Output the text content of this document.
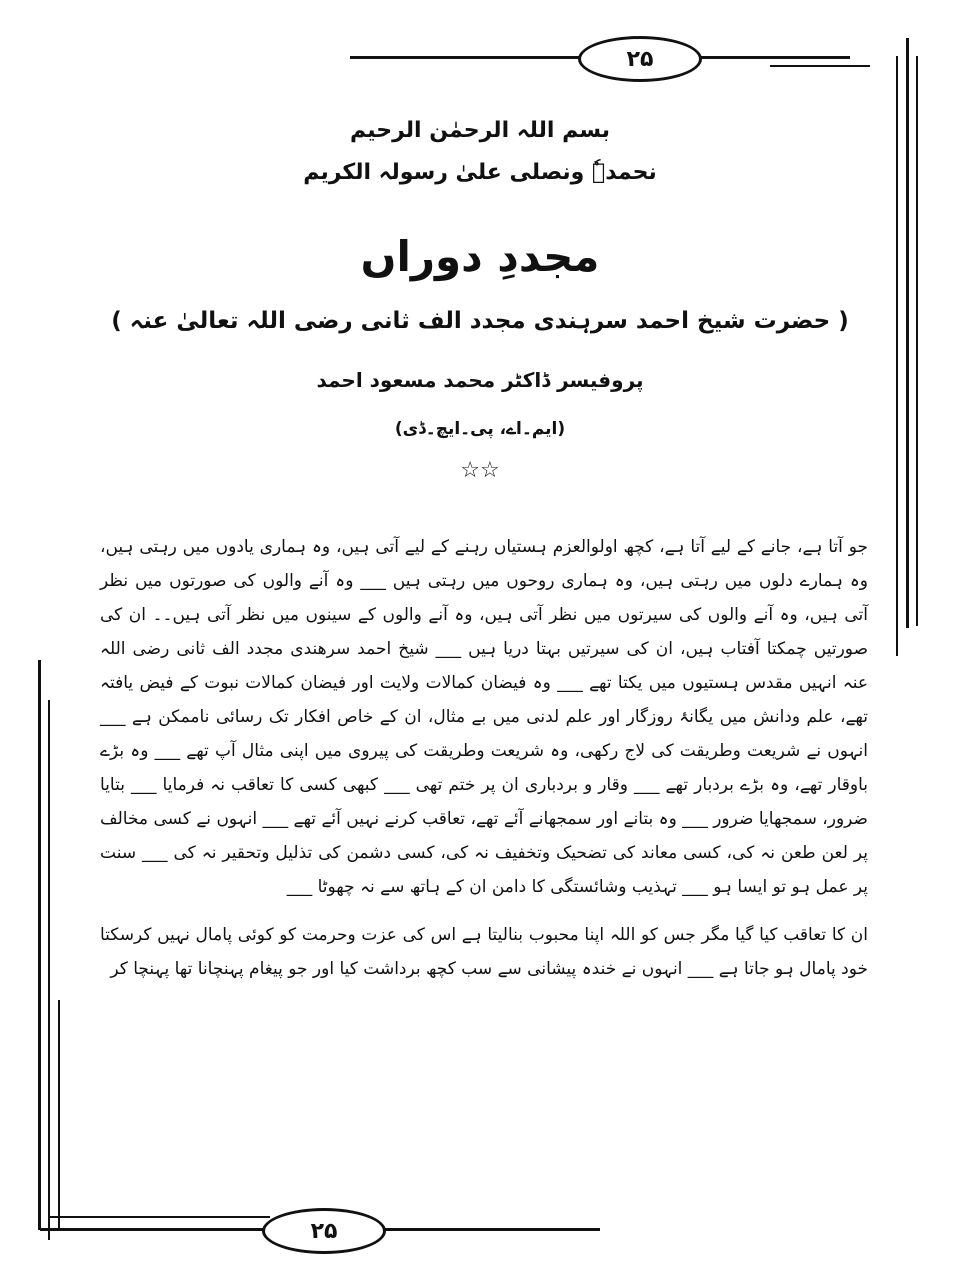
۲۵
بسم اللہ الرحمٰن الرحیم
نحمدہٗ ونصلی علیٰ رسولہ الکریم
مجددِ دوراں
( حضرت شیخ احمد سرہندی مجدد الف ثانی رضی اللہ تعالیٰ عنہ )
پروفیسر ڈاکٹر محمد مسعود احمد
(ایم۔اے، پی۔ایچ۔ڈی)
☆☆

جو آتا ہے، جانے کے لیے آتا ہے، کچھ اولوالعزم ہستیاں رہنے کے لیے آتی ہیں، وہ ہماری یادوں میں رہتی ہیں، وہ ہمارے دلوں میں رہتی ہیں، وہ ہماری روحوں میں رہتی ہیں ___ وہ آنے والوں کی صورتوں میں نظر آتی ہیں، وہ آنے والوں کی سیرتوں میں نظر آتی ہیں، وہ آنے والوں کے سینوں میں نظر آتی ہیں۔۔ ان کی صورتیں چمکتا آفتاب ہیں، ان کی سیرتیں بہتا دریا ہیں ___ شیخ احمد سرھندی مجدد الف ثانی رضی اللہ عنہ انہیں مقدس ہستیوں میں یکتا تھے ___ وہ فیضان کمالات ولایت اور فیضان کمالات نبوت کے فیض یافتہ تھے، علم ودانش میں یگانۂ روزگار اور علم لدنی میں بے مثال، ان کے خاص افکار تک رسائی ناممکن ہے ___ انہوں نے شریعت وطریقت کی لاج رکھی، وہ شریعت وطریقت کی پیروی میں اپنی مثال آپ تھے ___ وہ بڑے باوقار تھے، وہ بڑے بردبار تھے ___ وقار و بردباری ان پر ختم تھی ___ کبھی کسی کا تعاقب نہ فرمایا ___ بتایا ضرور، سمجھایا ضرور ___ وہ بتانے اور سمجھانے آئے تھے، تعاقب کرنے نہیں آئے تھے ___ انہوں نے کسی مخالف پر لعن طعن نہ کی، کسی معاند کی تضحیک وتخفیف نہ کی، کسی دشمن کی تذلیل وتحقیر نہ کی ___ سنت پر عمل ہو تو ایسا ہو ___ تہذیب وشائستگی کا دامن ان کے ہاتھ سے نہ چھوٹا ___

ان کا تعاقب کیا گیا مگر جس کو اللہ اپنا محبوب بنالیتا ہے اس کی عزت وحرمت کو کوئی پامال نہیں کرسکتا خود پامال ہو جاتا ہے ___ انہوں نے خندہ پیشانی سے سب کچھ برداشت کیا اور جو پیغام پہنچانا تھا پہنچا کر

۲۵
